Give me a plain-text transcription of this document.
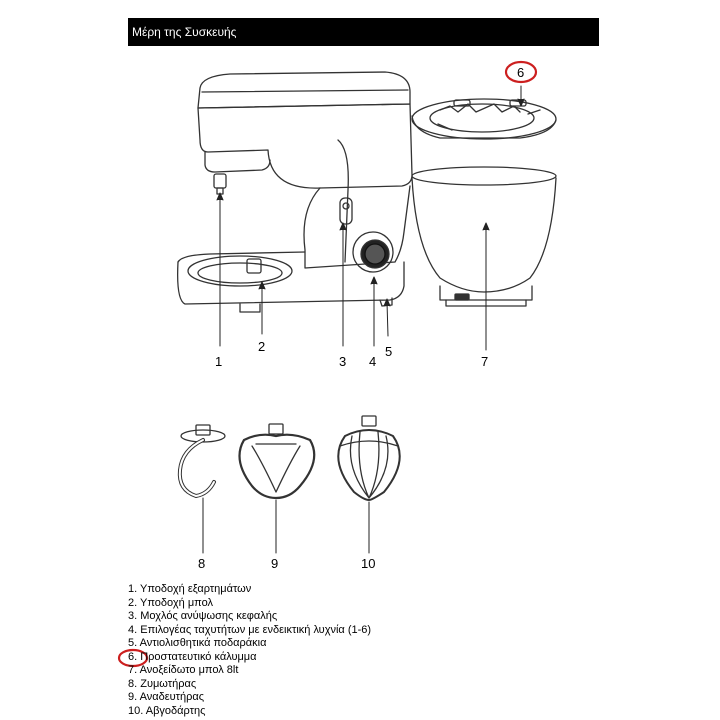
Μέρη της Συσκευής
1
2
3 4
5
6
7
8	9	10
1. Υποδοχή εξαρτημάτων
2. Υποδοχή μπολ
3. Μοχλός ανύψωσης κεφαλής
4. Επιλογέας ταχυτήτων με ενδεικτική λυχνία (1-6)
5. Αντιολισθητικά ποδαράκια
6. Προστατευτικό κάλυμμα
7. Ανοξείδωτο μπολ 8lt
8. Ζυμωτήρας
9. Αναδευτήρας
10. Αβγοδάρτης
